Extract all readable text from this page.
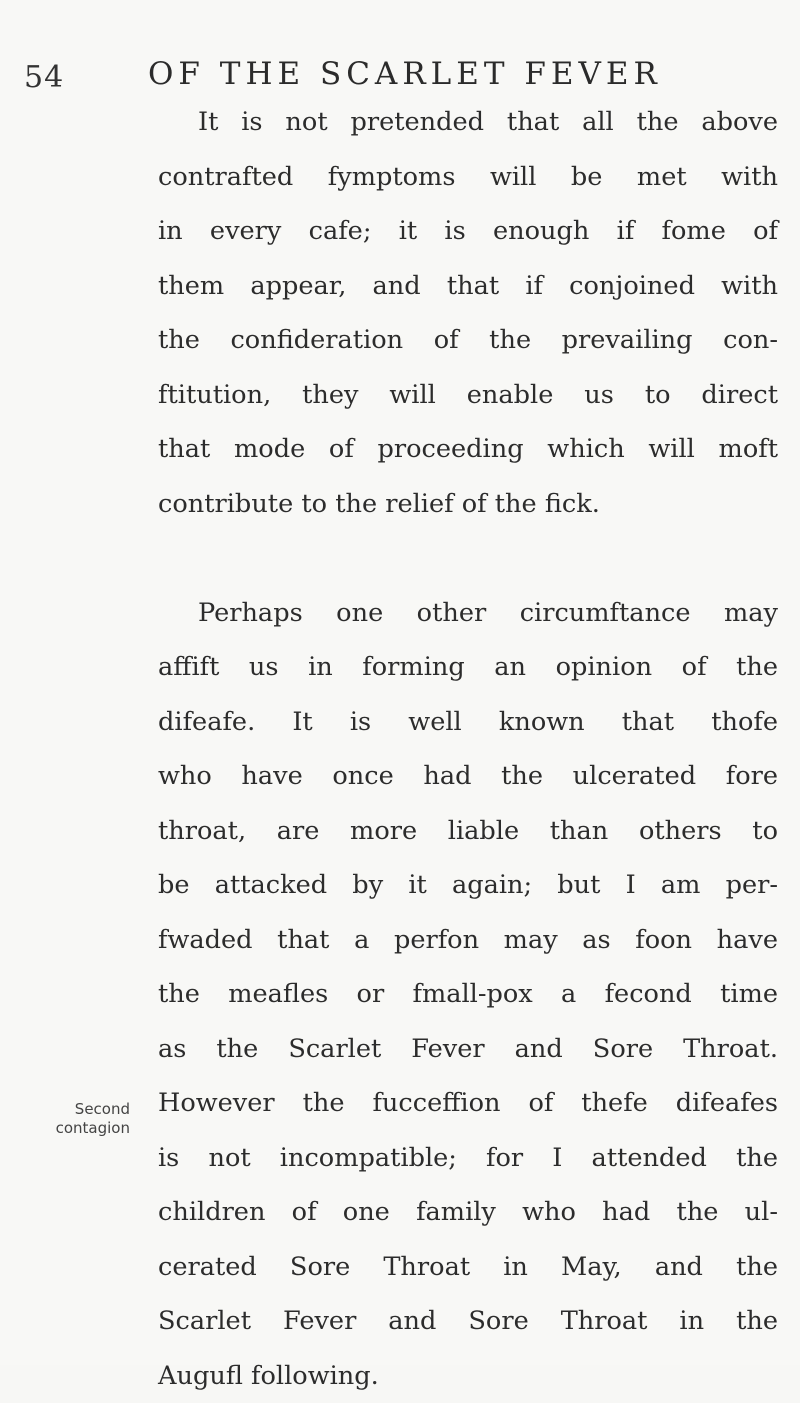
54	OF THE SCARLET FEVER
It is not pretended that all the above
contrafted fymptoms will be met with
in every cafe; it is enough if fome of
them appear, and that if conjoined with
the confideration of the prevailing con-
ftitution, they will enable us to direct
that mode of proceeding which will moft
contribute to the relief of the fick.
Perhaps one other circumftance may
affift us in forming an opinion of the
difeafe. It is well known that thofe
who have once had the ulcerated fore
throat, are more liable than others to
be attacked by it again; but I am per-
fwaded that a perfon may as foon have
the meafles or fmall-pox a fecond time
as the Scarlet Fever and Sore Throat.
However the fucceffion of thefe difeafes
is not incompatible; for I attended the
children of one family who had the ul-
cerated Sore Throat in May, and the
Scarlet Fever and Sore Throat in the
Augufl following.
Second
contagion
